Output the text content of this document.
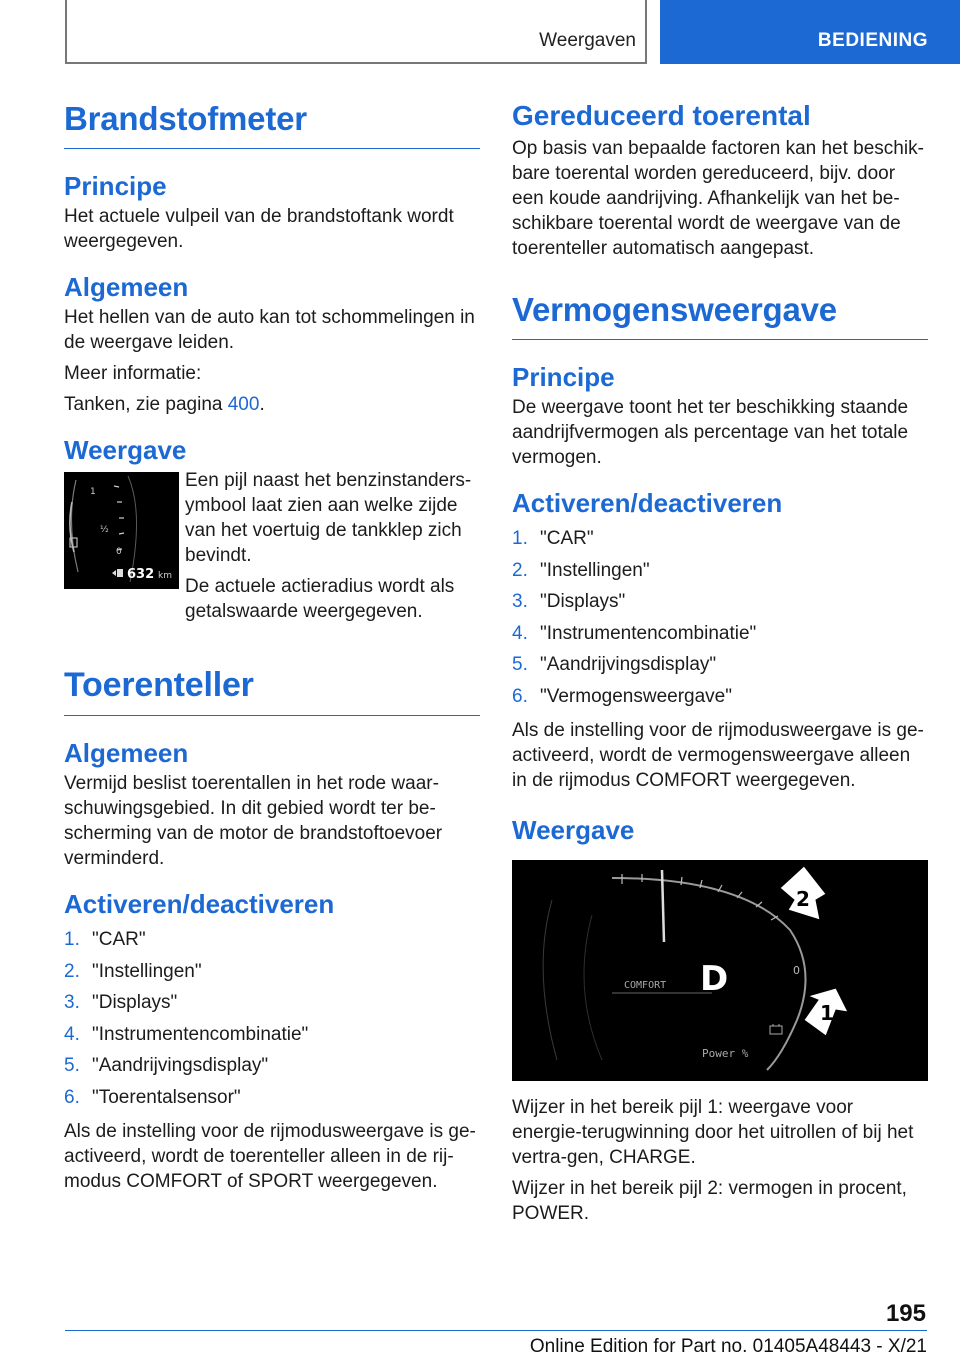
Weergaven	BEDIENING
Brandstofmeter
Principe

Het actuele vulpeil van de brandstoftank wordt weergegeven.

Algemeen

Het hellen van de auto kan tot schommelingen in de weergave leiden.

Meer informatie:

Tanken, zie pagina 400.

Weergave
1
½
0
632 km

Een pijl naast het benzinstanders-ymbool laat zien aan welke zijde van het voertuig de tankklep zich bevindt.

De actuele actieradius wordt als getalswaarde weergegeven.

Toerenteller
Algemeen

Vermijd beslist toerentallen in het rode waar-schuwingsgebied. In dit gebied wordt ter be-scherming van de motor de brandstoftoevoer verminderd.

Activeren/deactiveren
1. "CAR"
2. "Instellingen"
3. "Displays"
4. "Instrumentencombinatie"
5. "Aandrijvingsdisplay"
6. "Toerentalsensor"

Als de instelling voor de rijmodusweergave is ge-activeerd, wordt de toerenteller alleen in de rij-modus COMFORT of SPORT weergegeven.

Gereduceerd toerental

Op basis van bepaalde factoren kan het beschik-bare toerental worden gereduceerd, bijv. door een koude aandrijving. Afhankelijk van het be-schikbare toerental wordt de weergave van de toerenteller automatisch aangepast.

Vermogensweergave
Principe

De weergave toont het ter beschikking staande aandrijfvermogen als percentage van het totale vermogen.

Activeren/deactiveren
1. "CAR"
2. "Instellingen"
3. "Displays"
4. "Instrumentencombinatie"
5. "Aandrijvingsdisplay"
6. "Vermogensweergave"

Als de instelling voor de rijmodusweergave is ge-activeerd, wordt de vermogensweergave alleen in de rijmodus COMFORT weergegeven.

Weergave
D
COMFORT
0
Power %
2
1

Wijzer in het bereik pijl 1: weergave voor energie-terugwinning door het uitrollen of bij het vertra-gen, CHARGE.

Wijzer in het bereik pijl 2: vermogen in procent, POWER.

195
Online Edition for Part no. 01405A48443 - X/21
